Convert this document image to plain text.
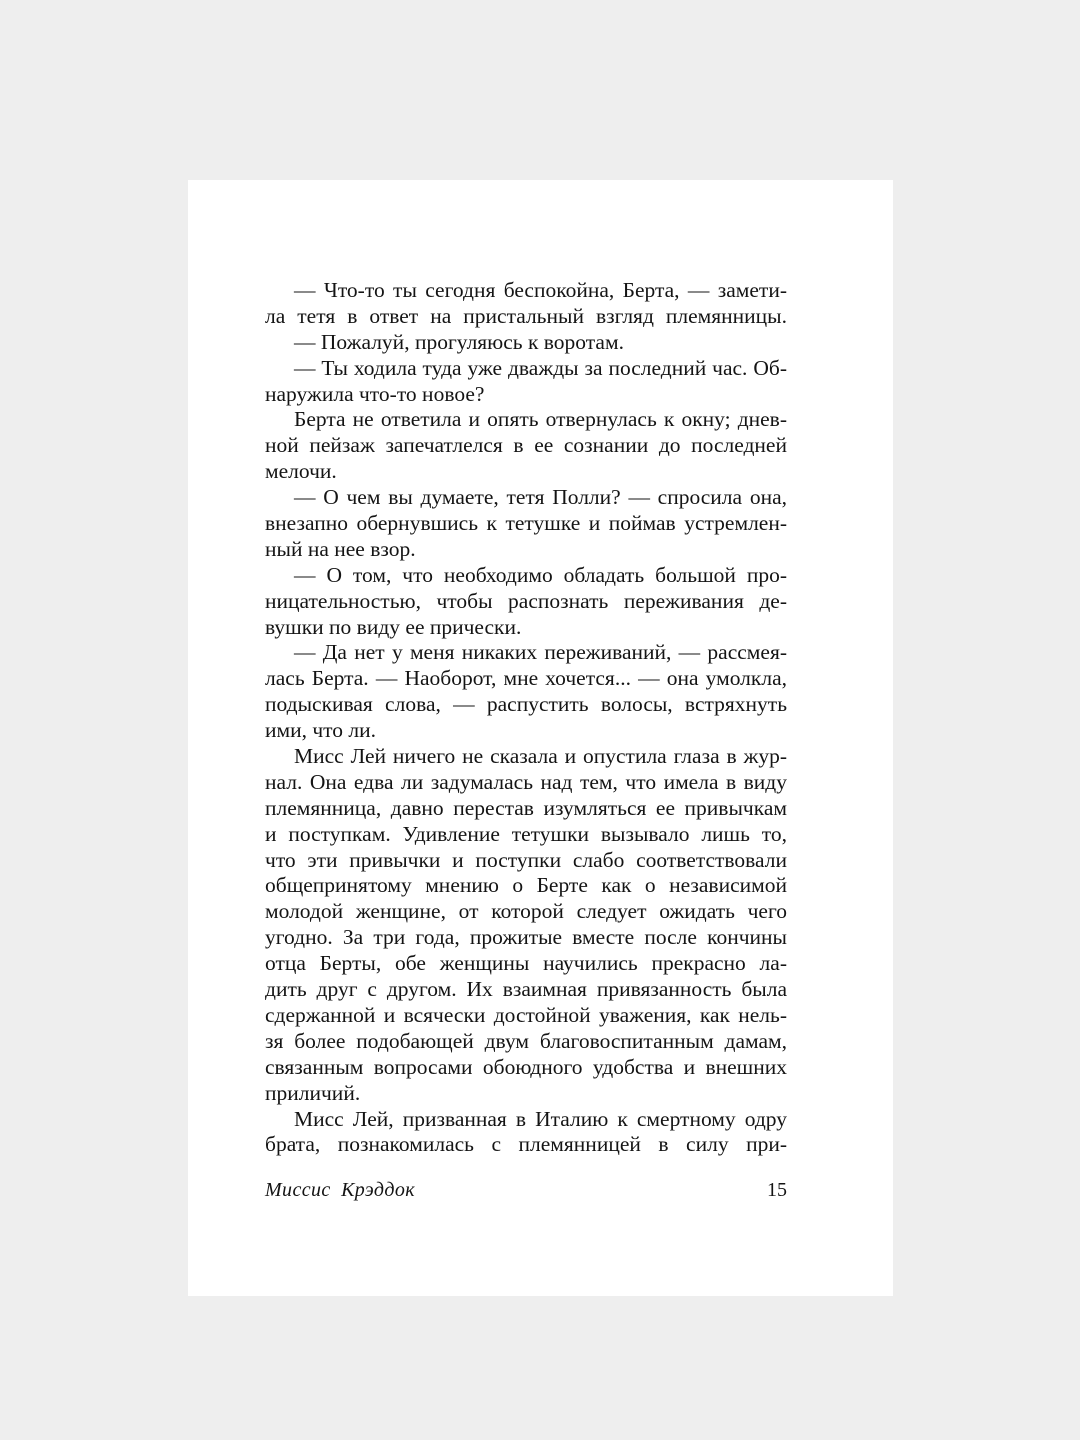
— Что-то ты сегодня беспокойна, Берта, — замети-
ла тетя в ответ на пристальный взгляд племянницы.
— Пожалуй, прогуляюсь к воротам.
— Ты ходила туда уже дважды за последний час. Об-
наружила что-то новое?
Берта не ответила и опять отвернулась к окну; днев-
ной пейзаж запечатлелся в ее сознании до последней
мелочи.
— О чем вы думаете, тетя Полли? — спросила она,
внезапно обернувшись к тетушке и поймав устремлен-
ный на нее взор.
— О том, что необходимо обладать большой про-
ницательностью, чтобы распознать переживания де-
вушки по виду ее прически.
— Да нет у меня никаких переживаний, — рассмея-
лась Берта. — Наоборот, мне хочется... — она умолкла,
подыскивая слова, — распустить волосы, встряхнуть
ими, что ли.
Мисс Лей ничего не сказала и опустила глаза в жур-
нал. Она едва ли задумалась над тем, что имела в виду
племянница, давно перестав изумляться ее привычкам
и поступкам. Удивление тетушки вызывало лишь то,
что эти привычки и поступки слабо соответствовали
общепринятому мнению о Берте как о независимой
молодой женщине, от которой следует ожидать чего
угодно. За три года, прожитые вместе после кончины
отца Берты, обе женщины научились прекрасно ла-
дить друг с другом. Их взаимная привязанность была
сдержанной и всячески достойной уважения, как нель-
зя более подобающей двум благовоспитанным дамам,
связанным вопросами обоюдного удобства и внешних
приличий.
Мисс Лей, призванная в Италию к смертному одру
брата, познакомилась с племянницей в силу при-
Миссис Крэддок	15
